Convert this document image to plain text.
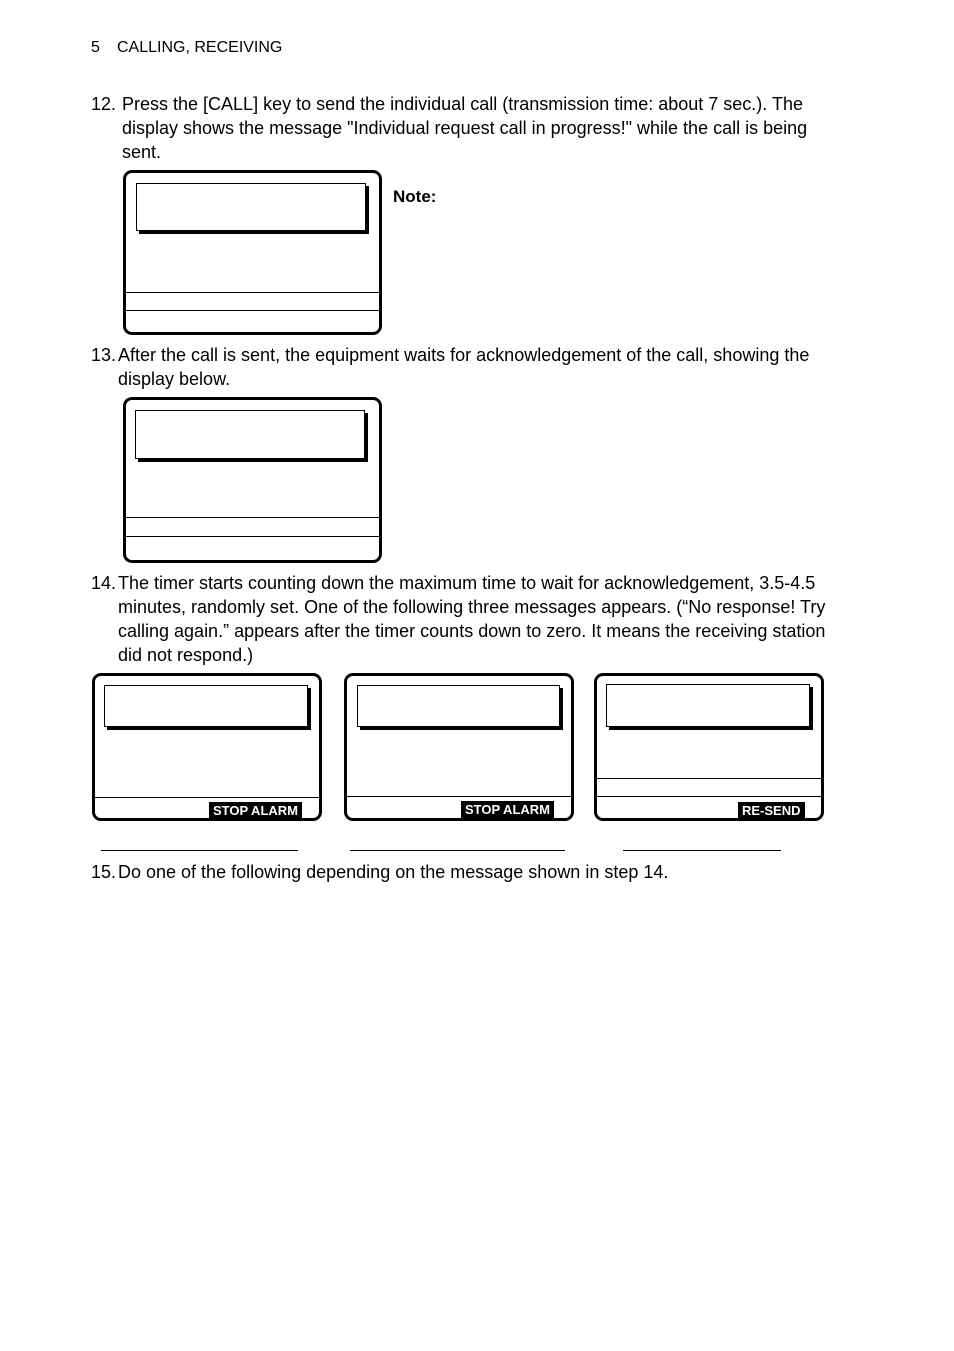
5 CALLING, RECEIVING
12. Press the [CALL] key to send the individual call (transmission time: about 7 sec.). The display shows the message "Individual request call in progress!" while the call is being sent.
Note:
13. After the call is sent, the equipment waits for acknowledgement of the call, showing the display below.
14. The timer starts counting down the maximum time to wait for acknowledgement, 3.5-4.5 minutes, randomly set. One of the following three messages appears. (“No response! Try calling again.” appears after the timer counts down to zero. It means the receiving station did not respond.)
STOP ALARM	STOP ALARM	RE-SEND
15. Do one of the following depending on the message shown in step 14.
